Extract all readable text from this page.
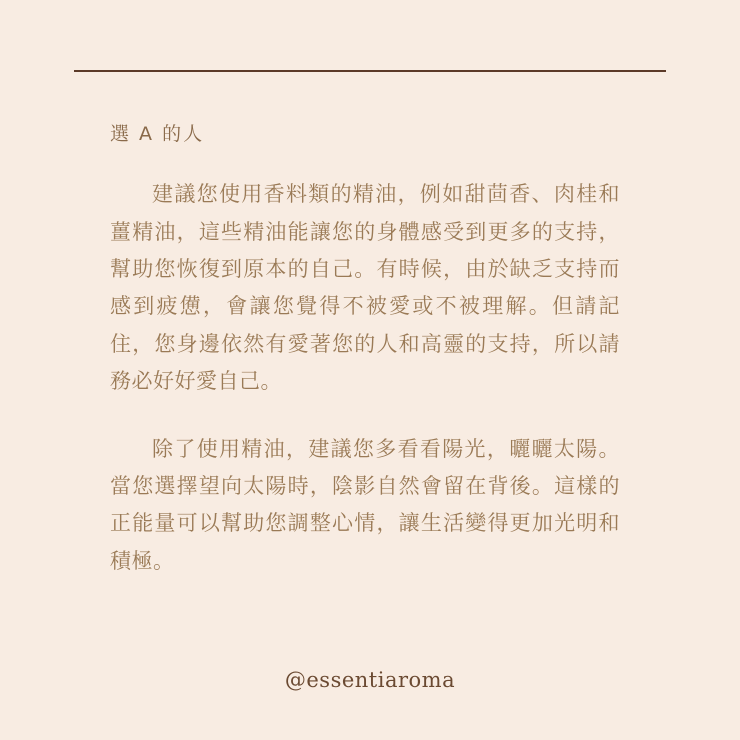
選 A 的人

建議您使用香料類的精油，例如甜茴香、肉桂和薑精油，這些精油能讓您的身體感受到更多的支持，幫助您恢復到原本的自己。有時候，由於缺乏支持而感到疲憊，會讓您覺得不被愛或不被理解。但請記住，您身邊依然有愛著您的人和高靈的支持，所以請務必好好愛自己。

除了使用精油，建議您多看看陽光，曬曬太陽。當您選擇望向太陽時，陰影自然會留在背後。這樣的正能量可以幫助您調整心情，讓生活變得更加光明和積極。

@essentiaroma
